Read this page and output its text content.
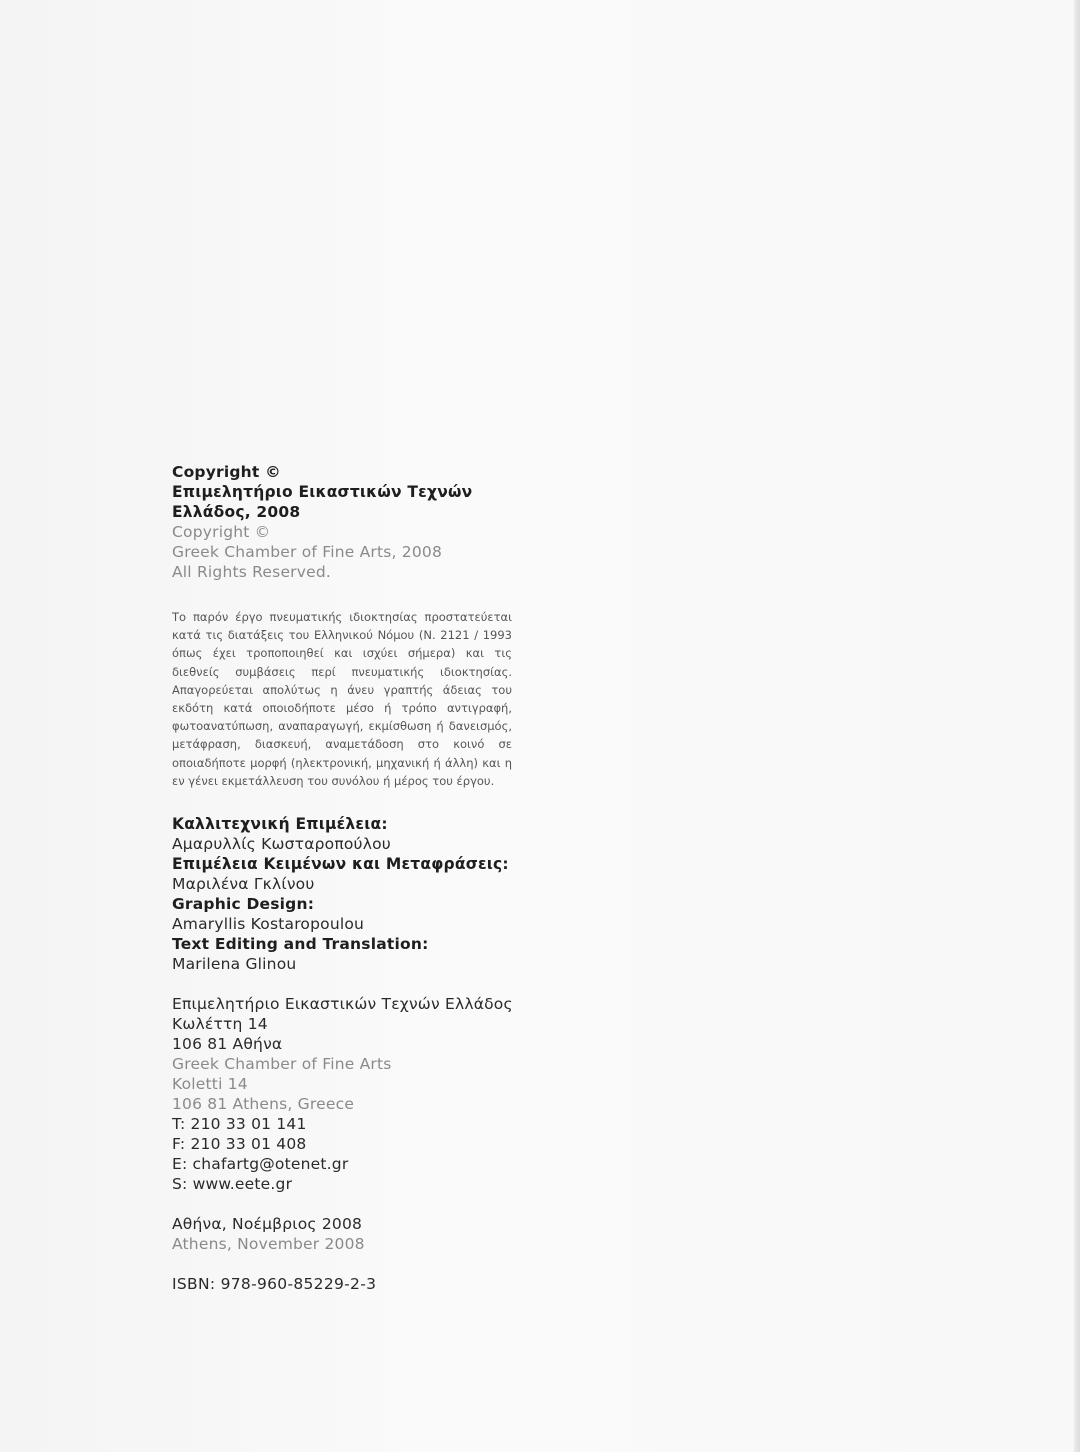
Copyright ©
Επιμελητήριο Εικαστικών Τεχνών
Ελλάδος, 2008
Copyright ©
Greek Chamber of Fine Arts, 2008
All Rights Reserved.
Το παρόν έργο πνευματικής ιδιοκτησίας προστατεύεται κατά τις διατάξεις του Ελληνικού Νόμου (Ν. 2121 / 1993 όπως έχει τροποποιηθεί και ισχύει σήμερα) και τις διεθνείς συμβάσεις περί πνευματικής ιδιοκτησίας. Απαγορεύεται απολύτως η άνευ γραπτής άδειας του εκδότη κατά οποιοδήποτε μέσο ή τρόπο αντιγραφή, φωτοανατύπωση, αναπαραγωγή, εκμίσθωση ή δανεισμός, μετάφραση, διασκευή, αναμετάδοση στο κοινό σε οποιαδήποτε μορφή (ηλεκτρονική, μηχανική ή άλλη) και η εν γένει εκμετάλλευση του συνόλου ή μέρος του έργου.
Καλλιτεχνική Επιμέλεια:
Αμαρυλλίς Κωσταροπούλου
Επιμέλεια Κειμένων και Μεταφράσεις:
Μαριλένα Γκλίνου
Graphic Design:
Amaryllis Kostaropoulou
Text Editing and Translation:
Marilena Glinou
Επιμελητήριο Εικαστικών Τεχνών Ελλάδος
Κωλέττη 14
106 81 Αθήνα
Greek Chamber of Fine Arts
Koletti 14
106 81 Athens, Greece
T: 210 33 01 141
F: 210 33 01 408
E: chafartg@otenet.gr
S: www.eete.gr
Αθήνα, Νοέμβριος 2008
Athens, November 2008
ISBN: 978-960-85229-2-3
